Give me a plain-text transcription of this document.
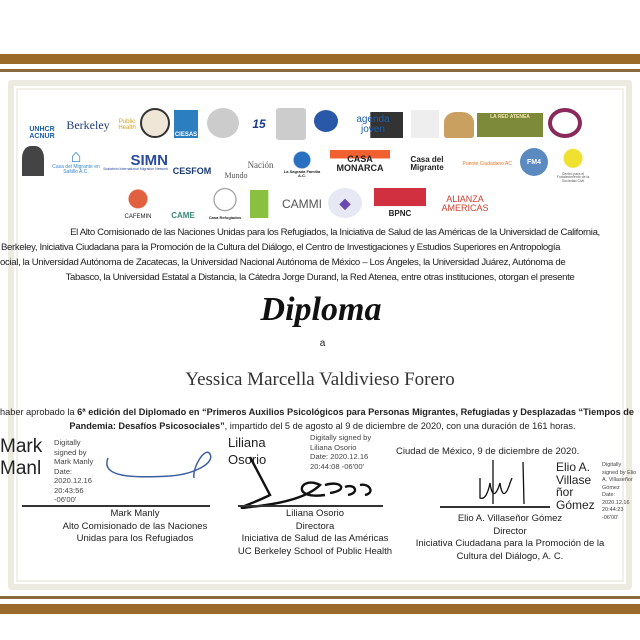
UNHCR ACNUR
Berkeley	Public Health
CIESAS
15	agenda joven
LA RED ATENEA
⌂
Casa del Migrante en Saltillo A.C.
SIMN
Scalabrini International Migration Network CESFOM Mundo
Nación
La Sagrada Familia A.C.
CASA MONARCA
Casa del Migrante	Puente Ciudadano AC	FM4
Centro para el Fortalecimiento de la Sociedad Civil
CAFEMIN	CAME	Casa Refugiados
CAMMI	◆
BPNC
ALIANZA AMERICAS
El Alto Comisionado de las Naciones Unidas para los Refugiados, la Iniciativa de Salud de las Américas de la Universidad de California,
Berkeley, Iniciativa Ciudadana para la Promoción de la Cultura del Diálogo, el Centro de Investigaciones y Estudios Superiores en Antropología
ocial, la Universidad Autónoma de Zacatecas, la Universidad Nacional Autónoma de México – Los Ángeles, la Universidad Juárez, Autónoma de
Tabasco, la Universidad Estatal a Distancia, la Cátedra Jorge Durand, la Red Atenea, entre otras instituciones, otorgan el presente
Diploma
a
Yessica Marcella Valdivieso Forero
haber aprobado la 6ª edición del Diplomado en “Primeros Auxilios Psicológicos para Personas Migrantes, Refugiadas y Desplazadas “Tiempos de
Pandemia: Desafíos Psicosociales”, impartido del 5 de agosto al 9 de diciembre de 2020, con una duración de 161 horas.
Mark
Manl
Digitally
signed by
Mark Manly
Date:
2020.12.16
20:43:56
-06'00'
Mark Manly
Alto Comisionado de las Naciones
Unidas para los Refugiados
Liliana
Osorio
Digitally signed by
Liliana Osorio
Date: 2020.12.16
20:44:08 -06'00'
Liliana Osorio
Directora
Iniciativa de Salud de las Américas
UC Berkeley School of Public Health
Ciudad de México, 9 de diciembre de 2020.
Elio A.
Villase
ñor
Gómez
Digitally
signed by Elio
A. Villaseñor
Gómez
Date:
2020.12.16
20:44:23
-06'00'
Elio A. Villaseñor Gómez
Director
Iniciativa Ciudadana para la Promoción de la
Cultura del Diálogo, A. C.
